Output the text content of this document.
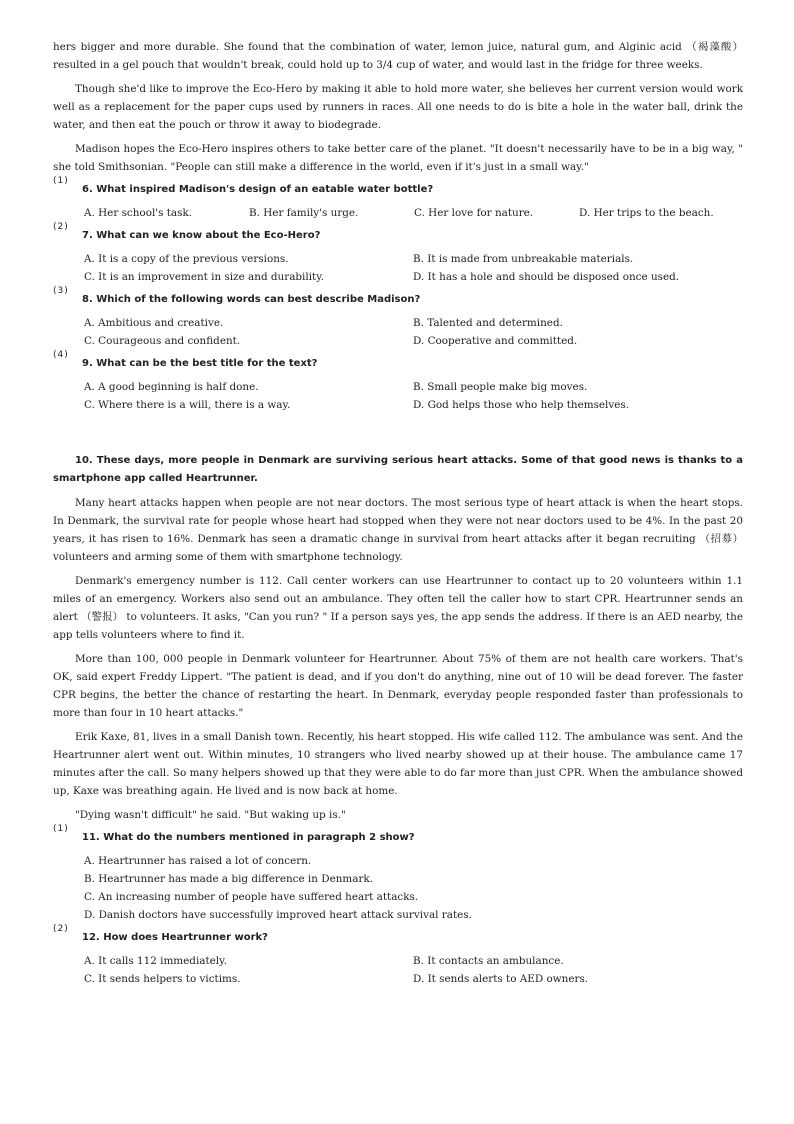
hers bigger and more durable. She found that the combination of water, lemon juice, natural gum, and Alginic acid （褐藻酸） resulted in a gel pouch that wouldn't break, could hold up to 3/4 cup of water, and would last in the fridge for three weeks.

Though she'd like to improve the Eco-Hero by making it able to hold more water, she believes her current version would work well as a replacement for the paper cups used by runners in races. All one needs to do is bite a hole in the water ball, drink the water, and then eat the pouch or throw it away to biodegrade.

Madison hopes the Eco-Hero inspires others to take better care of the planet. "It doesn't necessarily have to be in a big way, " she told Smithsonian. "People can still make a difference in the world, even if it's just in a small way."

(1)
6. What inspired Madison's design of an eatable water bottle?
A. Her school's task.	B. Her family's urge.	C. Her love for nature.	D. Her trips to the beach.
(2)
7. What can we know about the Eco-Hero?
A. It is a copy of the previous versions.	B. It is made from unbreakable materials.
C. It is an improvement in size and durability.	D. It has a hole and should be disposed once used.
(3)
8. Which of the following words can best describe Madison?
A. Ambitious and creative.	B. Talented and determined.
C. Courageous and confident.	D. Cooperative and committed.
(4)
9. What can be the best title for the text?
A. A good beginning is half done.	B. Small people make big moves.
C. Where there is a will, there is a way.	D. God helps those who help themselves.

10. These days, more people in Denmark are surviving serious heart attacks. Some of that good news is thanks to a smartphone app called Heartrunner.

Many heart attacks happen when people are not near doctors. The most serious type of heart attack is when the heart stops. In Denmark, the survival rate for people whose heart had stopped when they were not near doctors used to be 4%. In the past 20 years, it has risen to 16%. Denmark has seen a dramatic change in survival from heart attacks after it began recruiting （招募） volunteers and arming some of them with smartphone technology.

Denmark's emergency number is 112. Call center workers can use Heartrunner to contact up to 20 volunteers within 1.1 miles of an emergency. Workers also send out an ambulance. They often tell the caller how to start CPR. Heartrunner sends an alert （警报） to volunteers. It asks, "Can you run? " If a person says yes, the app sends the address. If there is an AED nearby, the app tells volunteers where to find it.

More than 100, 000 people in Denmark volunteer for Heartrunner. About 75% of them are not health care workers. That's OK, said expert Freddy Lippert. "The patient is dead, and if you don't do anything, nine out of 10 will be dead forever. The faster CPR begins, the better the chance of restarting the heart. In Denmark, everyday people responded faster than professionals to more than four in 10 heart attacks."

Erik Kaxe, 81, lives in a small Danish town. Recently, his heart stopped. His wife called 112. The ambulance was sent. And the Heartrunner alert went out. Within minutes, 10 strangers who lived nearby showed up at their house. The ambulance came 17 minutes after the call. So many helpers showed up that they were able to do far more than just CPR. When the ambulance showed up, Kaxe was breathing again. He lived and is now back at home.

"Dying wasn't difficult" he said. "But waking up is."

(1)
11. What do the numbers mentioned in paragraph 2 show?
A. Heartrunner has raised a lot of concern.
B. Heartrunner has made a big difference in Denmark.
C. An increasing number of people have suffered heart attacks.
D. Danish doctors have successfully improved heart attack survival rates.
(2)
12. How does Heartrunner work?
A. It calls 112 immediately.	B. It contacts an ambulance.
C. It sends helpers to victims.	D. It sends alerts to AED owners.
